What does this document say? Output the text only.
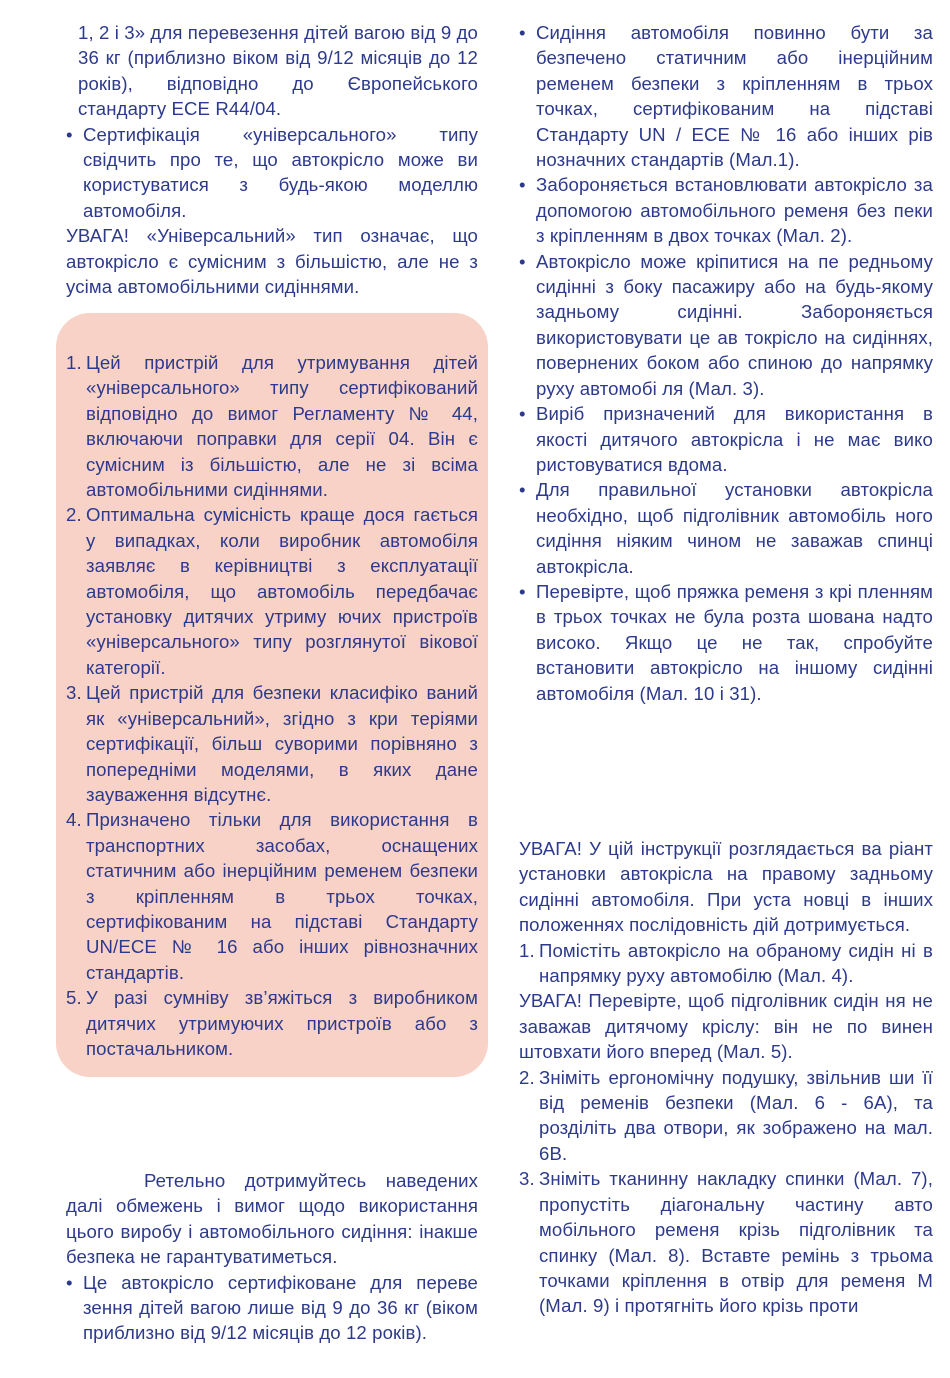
1, 2 і 3» для перевезення дітей вагою від 9 до 36 кг (приблизно віком від 9/12 місяців до 12 років), відповідно до Європейського стандарту ECE R44/04.

• Сертифікація «універсального» типу свідчить про те, що автокрісло може ви користуватися з будь-якою моделлю автомобіля.

УВАГА! «Універсальний» тип означає, що автокрісло є сумісним з більшістю, але не з усіма автомобільними сидіннями.

1. Цей пристрій для утримування дітей «універсального» типу сертифікований відповідно до вимог Регламенту № 44, включаючи поправки для серії 04. Він є сумісним із більшістю, але не зі всіма автомобільними сидіннями.
2. Оптимальна сумісність краще дося гається у випадках, коли виробник автомобіля заявляє в керівництві з експлуатації автомобіля, що автомобіль передбачає установку дитячих утриму ючих пристроїв «універсального» типу розглянутої вікової категорії.
3. Цей пристрій для безпеки класифіко ваний як «універсальний», згідно з кри теріями сертифікації, більш суворими порівняно з попередніми моделями, в яких дане зауваження відсутнє.
4. Призначено тільки для використання в транспортних засобах, оснащених статичним або інерційним ременем безпеки з кріпленням в трьох точках, сертифікованим на підставі Стандарту UN/ECE № 16 або інших рівнозначних стандартів.
5. У разі сумніву зв’яжіться з виробником дитячих утримуючих пристроїв або з постачальником.

Ретельно дотримуйтесь наведених далі обмежень і вимог щодо використання цього виробу і автомобільного сидіння: інакше безпека не гарантуватиметься.

• Це автокрісло сертифіковане для переве зення дітей вагою лише від 9 до 36 кг (віком приблизно від 9/12 місяців до 12 років).
• Сидіння автомобіля повинно бути за безпечено статичним або інерційним ременем безпеки з кріпленням в трьох точках, сертифікованим на підставі Стандарту UN / ECE № 16 або інших рів нозначних стандартів (Мал.1).
• Забороняється встановлювати автокрісло за допомогою автомобільного ременя без пеки з кріпленням в двох точках (Мал. 2).
• Автокрісло може кріпитися на пе редньому сидінні з боку пасажиру або на будь-якому задньому сидінні. Забороняється використовувати це ав токрісло на сидіннях, повернених боком або спиною до напрямку руху автомобі ля (Мал. 3).
• Виріб призначений для використання в якості дитячого автокрісла і не має вико ристовуватися вдома.
• Для правильної установки автокрісла необхідно, щоб підголівник автомобіль ного сидіння ніяким чином не заважав спинці автокрісла.
• Перевірте, щоб пряжка ременя з крі пленням в трьох точках не була розта шована надто високо. Якщо це не так, спробуйте встановити автокрісло на іншому сидінні автомобіля (Мал. 10 і 31).

УВАГА! У цій інструкції розглядається ва ріант установки автокрісла на правому задньому сидінні автомобіля. При уста новці в інших положеннях послідовність дій дотримується.

1. Помістіть автокрісло на обраному сидін ні в напрямку руху автомобілю (Мал. 4).

УВАГА! Перевірте, щоб підголівник сидін ня не заважав дитячому кріслу: він не по винен штовхати його вперед (Мал. 5).

2. Зніміть ергономічну подушку, звільнив ши її від ременів безпеки (Мал. 6 - 6А), та розділіть два отвори, як зображено на мал. 6В.
3. Зніміть тканинну накладку спинки (Мал. 7), пропустіть діагональну частину авто мобільного ременя крізь підголівник та спинку (Мал. 8). Вставте ремінь з трьома точками кріплення в отвір для ременя M (Мал. 9) і протягніть його крізь проти
